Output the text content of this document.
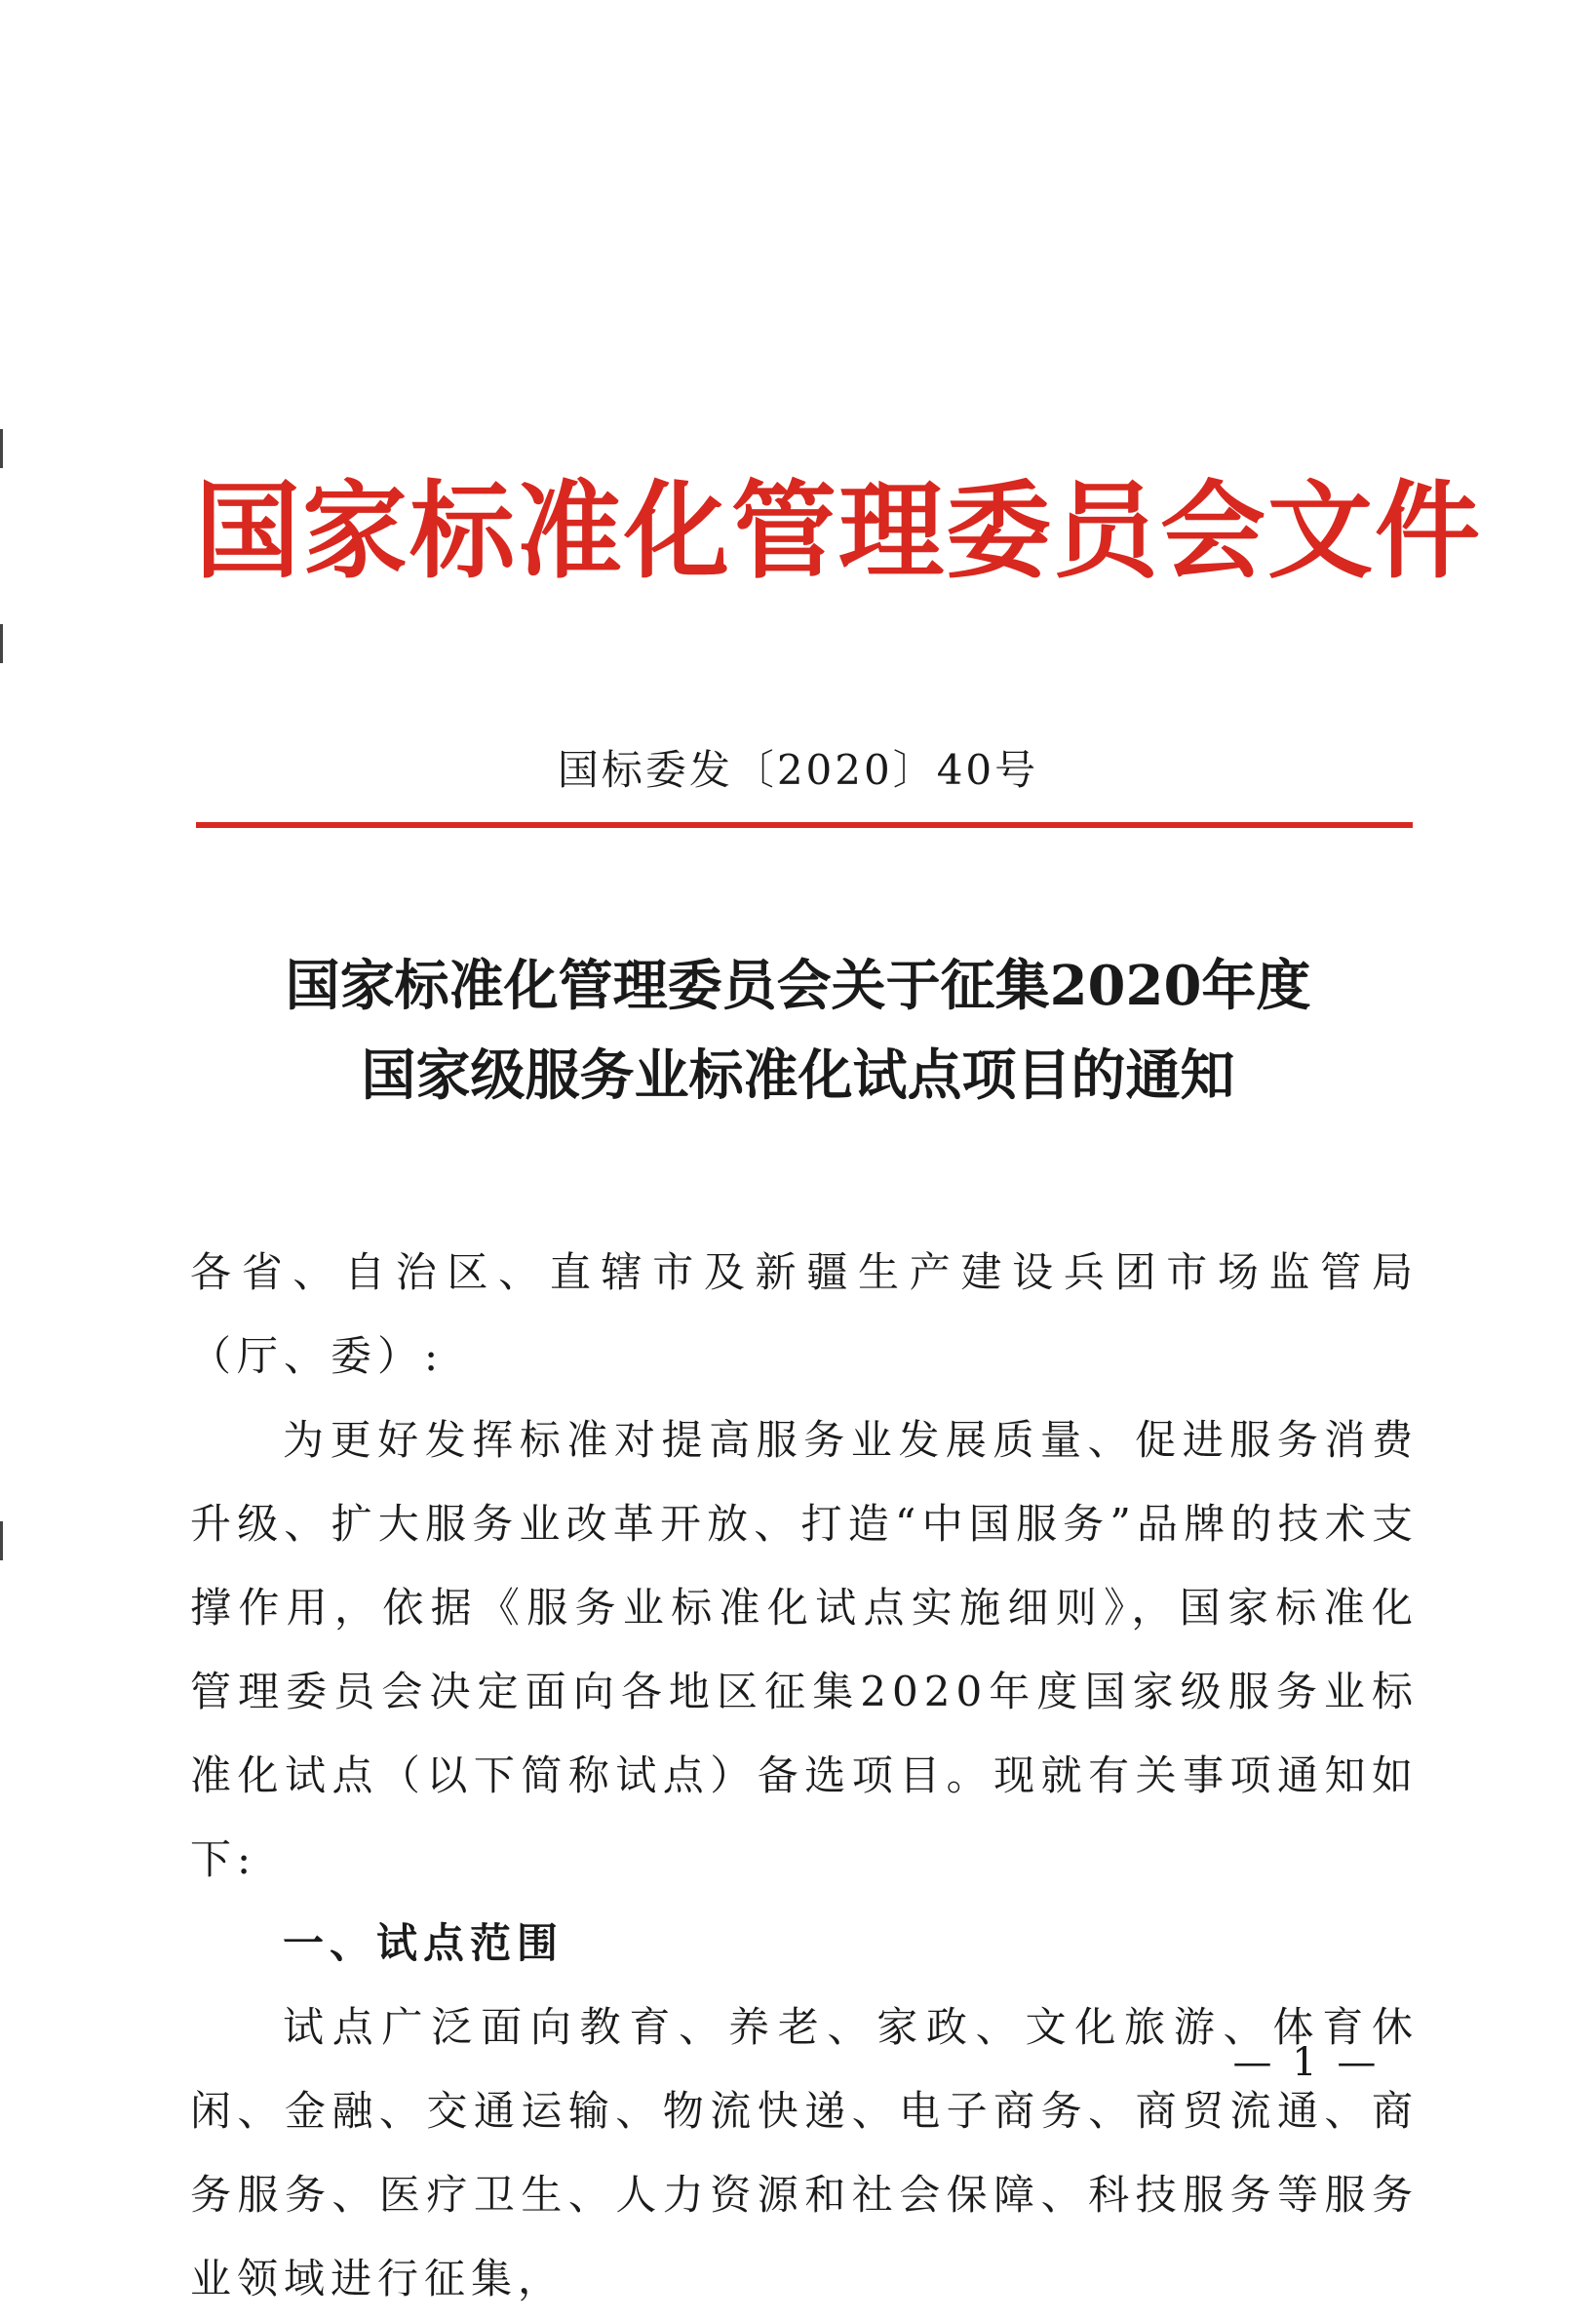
国家标准化管理委员会文件
国标委发〔2020〕40号
国家标准化管理委员会关于征集2020年度
国家级服务业标准化试点项目的通知

各省、自治区、直辖市及新疆生产建设兵团市场监管局（厅、委）:

为更好发挥标准对提高服务业发展质量、促进服务消费升级、扩大服务业改革开放、打造“中国服务”品牌的技术支撑作用，依据《服务业标准化试点实施细则》，国家标准化管理委员会决定面向各地区征集2020年度国家级服务业标准化试点（以下简称试点）备选项目。现就有关事项通知如下:

一、试点范围

试点广泛面向教育、养老、家政、文化旅游、体育休闲、金融、交通运输、物流快递、电子商务、商贸流通、商务服务、医疗卫生、人力资源和社会保障、科技服务等服务业领域进行征集，

— 1 —
